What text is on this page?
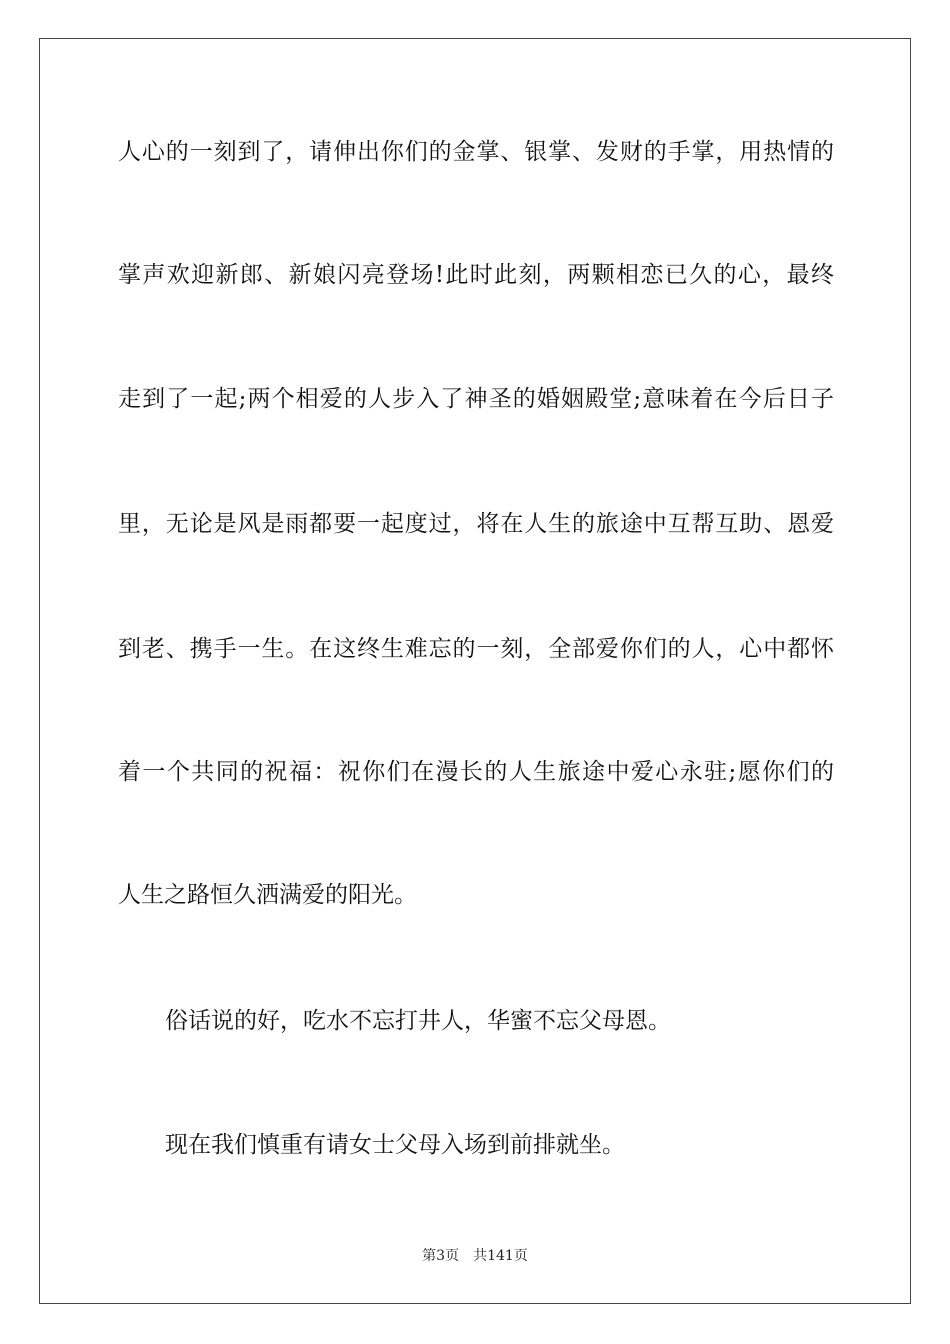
人心的一刻到了，请伸出你们的金掌、银掌、发财的手掌，用热情的
掌声欢迎新郎、新娘闪亮登场!此时此刻，两颗相恋已久的心，最终
走到了一起;两个相爱的人步入了神圣的婚姻殿堂;意味着在今后日子
里，无论是风是雨都要一起度过，将在人生的旅途中互帮互助、恩爱
到老、携手一生。在这终生难忘的一刻，全部爱你们的人，心中都怀
着一个共同的祝福：祝你们在漫长的人生旅途中爱心永驻;愿你们的
人生之路恒久洒满爱的阳光。
俗话说的好，吃水不忘打井人，华蜜不忘父母恩。
现在我们慎重有请女士父母入场到前排就坐。
第3页　共141页
